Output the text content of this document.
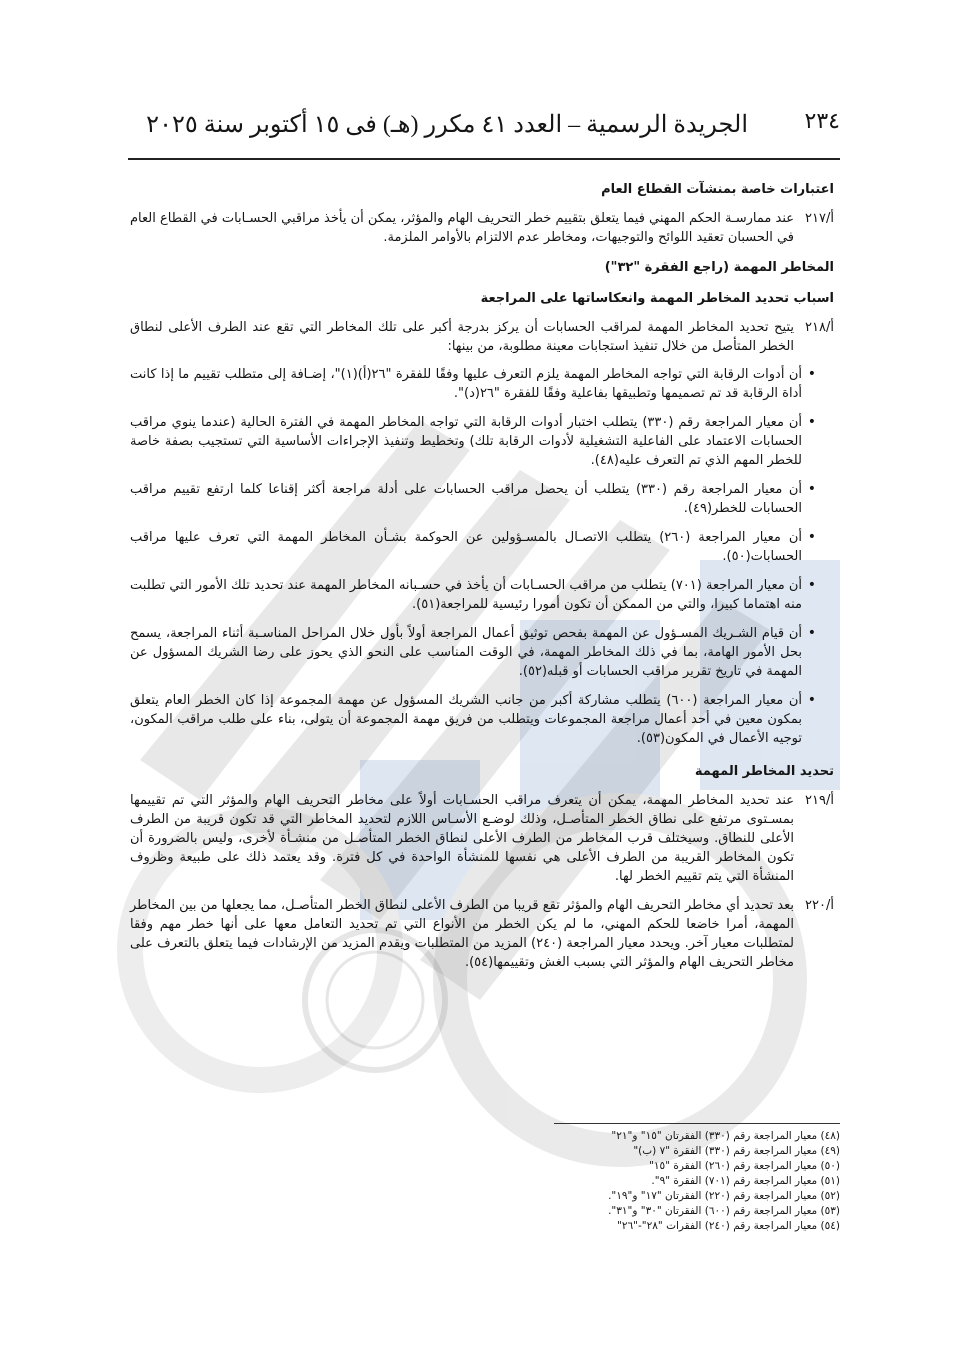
٢٣٤
الجريدة الرسمية – العدد ٤١ مكرر (هـ) فى ١٥ أكتوبر سنة ٢٠٢٥

اعتبارات خاصة بمنشآت القطاع العام

أ/٢١٧
عند ممارسـة الحكم المهني فيما يتعلق بتقييم خطر التحريف الهام والمؤثر، يمكن أن يأخذ مراقبي الحسـابات في القطاع العام في الحسبان تعقيد اللوائح والتوجيهات، ومخاطر عدم الالتزام بالأوامر الملزمة.

المخاطر المهمة (راجع الفقرة "٣٢")

اسباب تحديد المخاطر المهمة وانعكاساتها على المراجعة

أ/٢١٨
يتيح تحديد المخاطر المهمة لمراقب الحسابات أن يركز بدرجة أكبر على تلك المخاطر التي تقع عند الطرف الأعلى لنطاق الخطر المتأصل من خلال تنفيذ استجابات معينة مطلوبة، من بينها:

• أن أدوات الرقابة التي تواجه المخاطر المهمة يلزم التعرف عليها وفقًا للفقرة "٢٦(أ)(١)"، إضـافة إلى متطلب تقييم ما إذا كانت أداة الرقابة قد تم تصميمها وتطبيقها بفاعلية وفقًا للفقرة "٢٦(د)".

• أن معيار المراجعة رقم (٣٣٠) يتطلب اختبار أدوات الرقابة التي تواجه المخاطر المهمة في الفترة الحالية (عندما ينوي مراقب الحسابات الاعتماد على الفاعلية التشغيلية لأدوات الرقابة تلك) وتخطيط وتنفيذ الإجراءات الأساسية التي تستجيب بصفة خاصة للخطر المهم الذي تم التعرف عليه(٤٨).

• أن معيار المراجعة رقم (٣٣٠) يتطلب أن يحصل مراقب الحسابات على أدلة مراجعة أكثر إقناعا كلما ارتفع تقييم مراقب الحسابات للخطر(٤٩).

• أن معيار المراجعة (٢٦٠) يتطلب الاتصـال بالمسـؤولين عن الحوكمة بشـأن المخاطر المهمة التي تعرف عليها مراقب الحسابات(٥٠).

• أن معيار المراجعة (٧٠١) يتطلب من مراقب الحسـابات أن يأخذ في حسـبانه المخاطر المهمة عند تحديد تلك الأمور التي تطلبت منه اهتماما كبيرا، والتي من الممكن أن تكون أمورا رئيسية للمراجعة(٥١).

• أن قيام الشـريك المسـؤول عن المهمة بفحص توثيق أعمال المراجعة أولاً بأول خلال المراحل المناسـبة أثناء المراجعة، يسمح بحل الأمور الهامة، بما في ذلك المخاطر المهمة، في الوقت المناسب على النحو الذي يحوز على رضا الشريك المسؤول عن المهمة في تاريخ تقرير مراقب الحسابات أو قبله(٥٢).

• أن معيار المراجعة (٦٠٠) يتطلب مشاركة أكبر من جانب الشريك المسؤول عن مهمة المجموعة إذا كان الخطر العام يتعلق بمكون معين في أحد أعمال مراجعة المجموعات ويتطلب من فريق مهمة المجموعة أن يتولى، بناء على طلب مراقب المكون، توجيه الأعمال في المكون(٥٣).

تحديد المخاطر المهمة

أ/٢١٩
عند تحديد المخاطر المهمة، يمكن أن يتعرف مراقب الحسـابات أولاً على مخاطر التحريف الهام والمؤثر التي تم تقييمها بمسـتوى مرتفع على نطاق الخطر المتأصـل، وذلك لوضـع الأسـاس اللازم لتحديد المخاطر التي قد تكون قريبة من الطرف الأعلى للنطاق. وسيختلف قرب المخاطر من الطرف الأعلى لنطاق الخطر المتأصـل من منشـأة لأخرى، وليس بالضرورة أن تكون المخاطر القريبة من الطرف الأعلى هي نفسها للمنشأة الواحدة في كل فترة. وقد يعتمد ذلك على طبيعة وظروف المنشأة التي يتم تقييم الخطر لها.
أ/٢٢٠
بعد تحديد أي مخاطر التحريف الهام والمؤثر تقع قريبا من الطرف الأعلى لنطاق الخطر المتأصـل، مما يجعلها من بين المخاطر المهمة، أمرا خاضعا للحكم المهني، ما لم يكن الخطر من الأنواع التي تم تحديد التعامل معها على أنها خطر مهم وفقا لمتطلبات معيار آخر. ويحدد معيار المراجعة (٢٤٠) المزيد من المتطلبات ويقدم المزيد من الإرشادات فيما يتعلق بالتعرف على مخاطر التحريف الهام والمؤثر التي بسبب الغش وتقييمها(٥٤).

(٤٨) معيار المراجعة رقم (٣٣٠) الفقرتان "١٥" و"٢١"

(٤٩) معيار المراجعة رقم (٣٣٠) الفقرة "٧ (ب)"

(٥٠) معيار المراجعة رقم (٢٦٠) الفقرة "١٥"

(٥١) معيار المراجعة رقم (٧٠١) الفقرة "٩".

(٥٢) معيار المراجعة رقم (٢٢٠) الفقرتان "١٧" و"١٩".

(٥٣) معيار المراجعة رقم (٦٠٠) الفقرتان "٣٠" و"٣١".

(٥٤) معيار المراجعة رقم (٢٤٠) الفقرات "٢٨"-"٢٦"
